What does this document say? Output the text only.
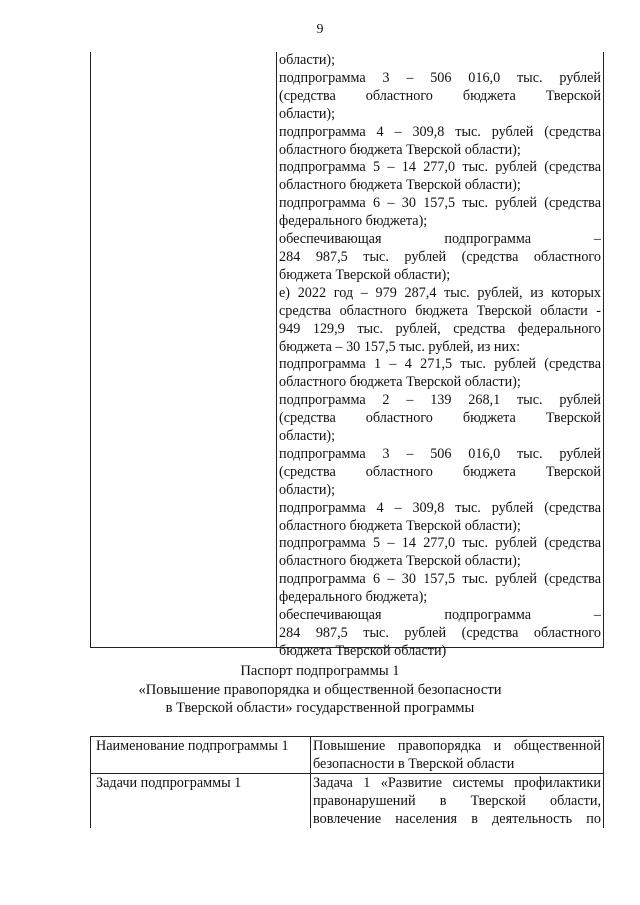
9
области);
подпрограмма 3 – 506 016,0 тыс. рублей
(средства областного бюджета Тверской
области);
подпрограмма 4 – 309,8 тыс. рублей (средства
областного бюджета Тверской области);
подпрограмма 5 – 14 277,0 тыс. рублей (средства
областного бюджета Тверской области);
подпрограмма 6 – 30 157,5 тыс. рублей (средства
федерального бюджета);
обеспечивающая подпрограмма –
284 987,5 тыс. рублей (средства областного
бюджета Тверской области);
е) 2022 год – 979 287,4 тыс. рублей, из которых
средства областного бюджета Тверской области -
949 129,9 тыс. рублей, средства федерального
бюджета – 30 157,5 тыс. рублей, из них:
подпрограмма 1 – 4 271,5 тыс. рублей (средства
областного бюджета Тверской области);
подпрограмма 2 – 139 268,1 тыс. рублей
(средства областного бюджета Тверской
области);
подпрограмма 3 – 506 016,0 тыс. рублей
(средства областного бюджета Тверской
области);
подпрограмма 4 – 309,8 тыс. рублей (средства
областного бюджета Тверской области);
подпрограмма 5 – 14 277,0 тыс. рублей (средства
областного бюджета Тверской области);
подпрограмма 6 – 30 157,5 тыс. рублей (средства
федерального бюджета);
обеспечивающая подпрограмма –
284 987,5 тыс. рублей (средства областного
бюджета Тверской области)
Паспорт подпрограммы 1
«Повышение правопорядка и общественной безопасности
в Тверской области» государственной программы
Наименование подпрограммы 1 Повышение правопорядка и общественной
безопасности в Тверской области
Задачи подпрограммы 1	Задача 1 «Развитие системы профилактики
правонарушений в Тверской области,
вовлечение населения в деятельность по
